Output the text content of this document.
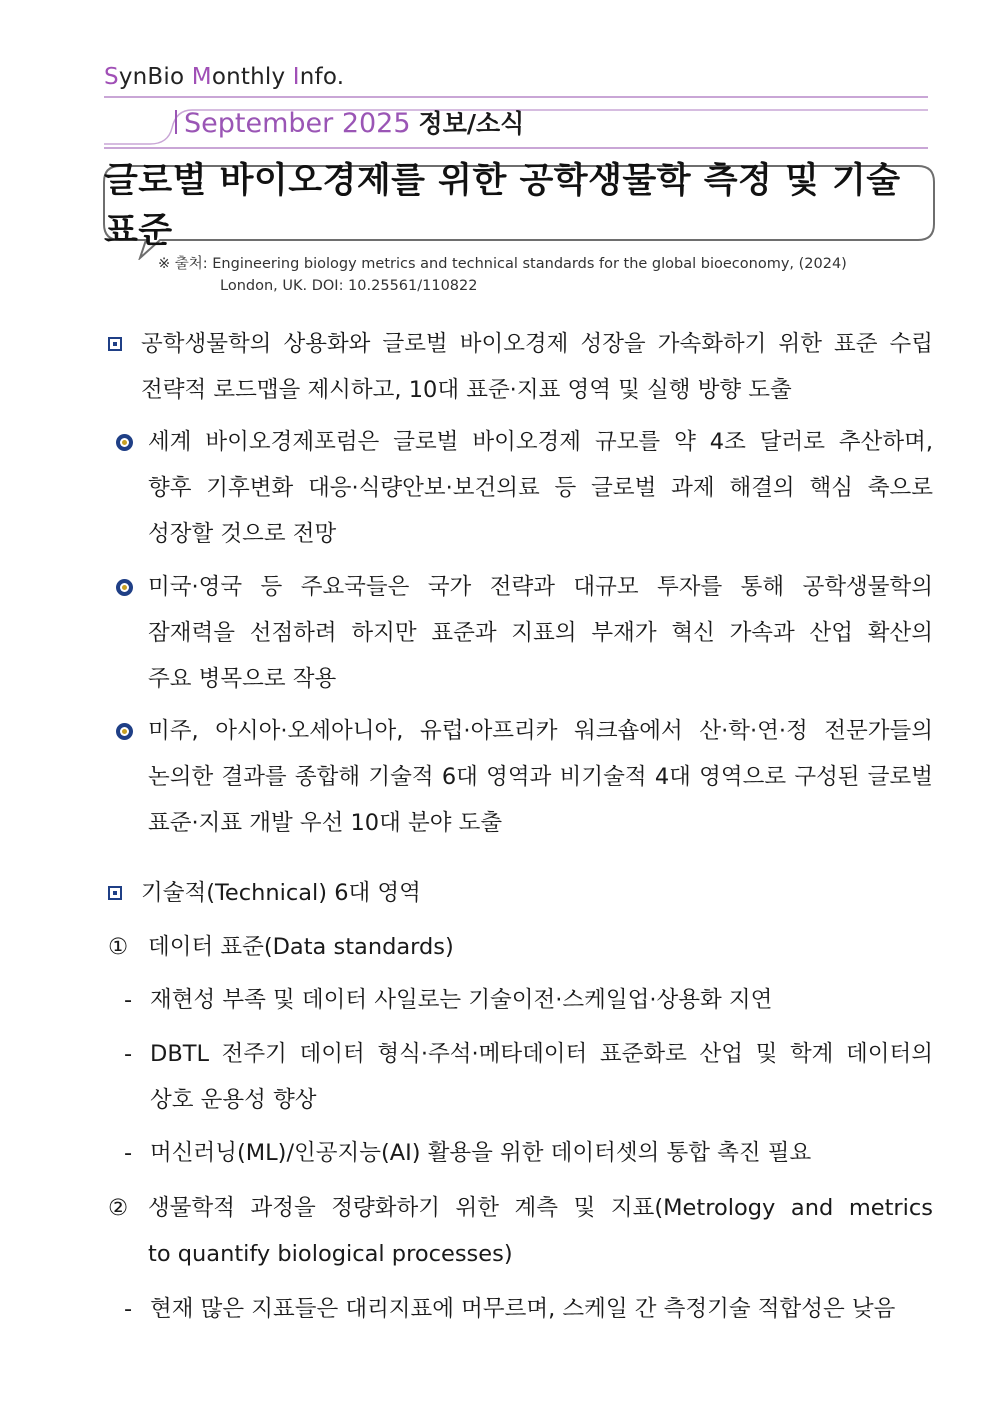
SynBio Monthly Info.
September 2025 정보/소식
글로벌 바이오경제를 위한 공학생물학 측정 및 기술 표준
※ 출처: Engineering biology metrics and technical standards for the global bioeconomy, (2024)
London, UK. DOI: 10.25561/110822
공학생물학의 상용화와 글로벌 바이오경제 성장을 가속화하기 위한 표준 수립
전략적 로드맵을 제시하고, 10대 표준·지표 영역 및 실행 방향 도출
세계 바이오경제포럼은 글로벌 바이오경제 규모를 약 4조 달러로 추산하며,
향후 기후변화 대응·식량안보·보건의료 등 글로벌 과제 해결의 핵심 축으로
성장할 것으로 전망
미국·영국 등 주요국들은 국가 전략과 대규모 투자를 통해 공학생물학의
잠재력을 선점하려 하지만 표준과 지표의 부재가 혁신 가속과 산업 확산의
주요 병목으로 작용
미주, 아시아·오세아니아, 유럽·아프리카 워크숍에서 산·학·연·정 전문가들의
논의한 결과를 종합해 기술적 6대 영역과 비기술적 4대 영역으로 구성된 글로벌
표준·지표 개발 우선 10대 분야 도출
기술적(Technical) 6대 영역
① 데이터 표준(Data standards)
- 재현성 부족 및 데이터 사일로는 기술이전·스케일업·상용화 지연
- DBTL 전주기 데이터 형식·주석·메타데이터 표준화로 산업 및 학계 데이터의
상호 운용성 향상
- 머신러닝(ML)/인공지능(AI) 활용을 위한 데이터셋의 통합 촉진 필요
② 생물학적 과정을 정량화하기 위한 계측 및 지표(Metrology and metrics
to quantify biological processes)
- 현재 많은 지표들은 대리지표에 머무르며, 스케일 간 측정기술 적합성은 낮음
